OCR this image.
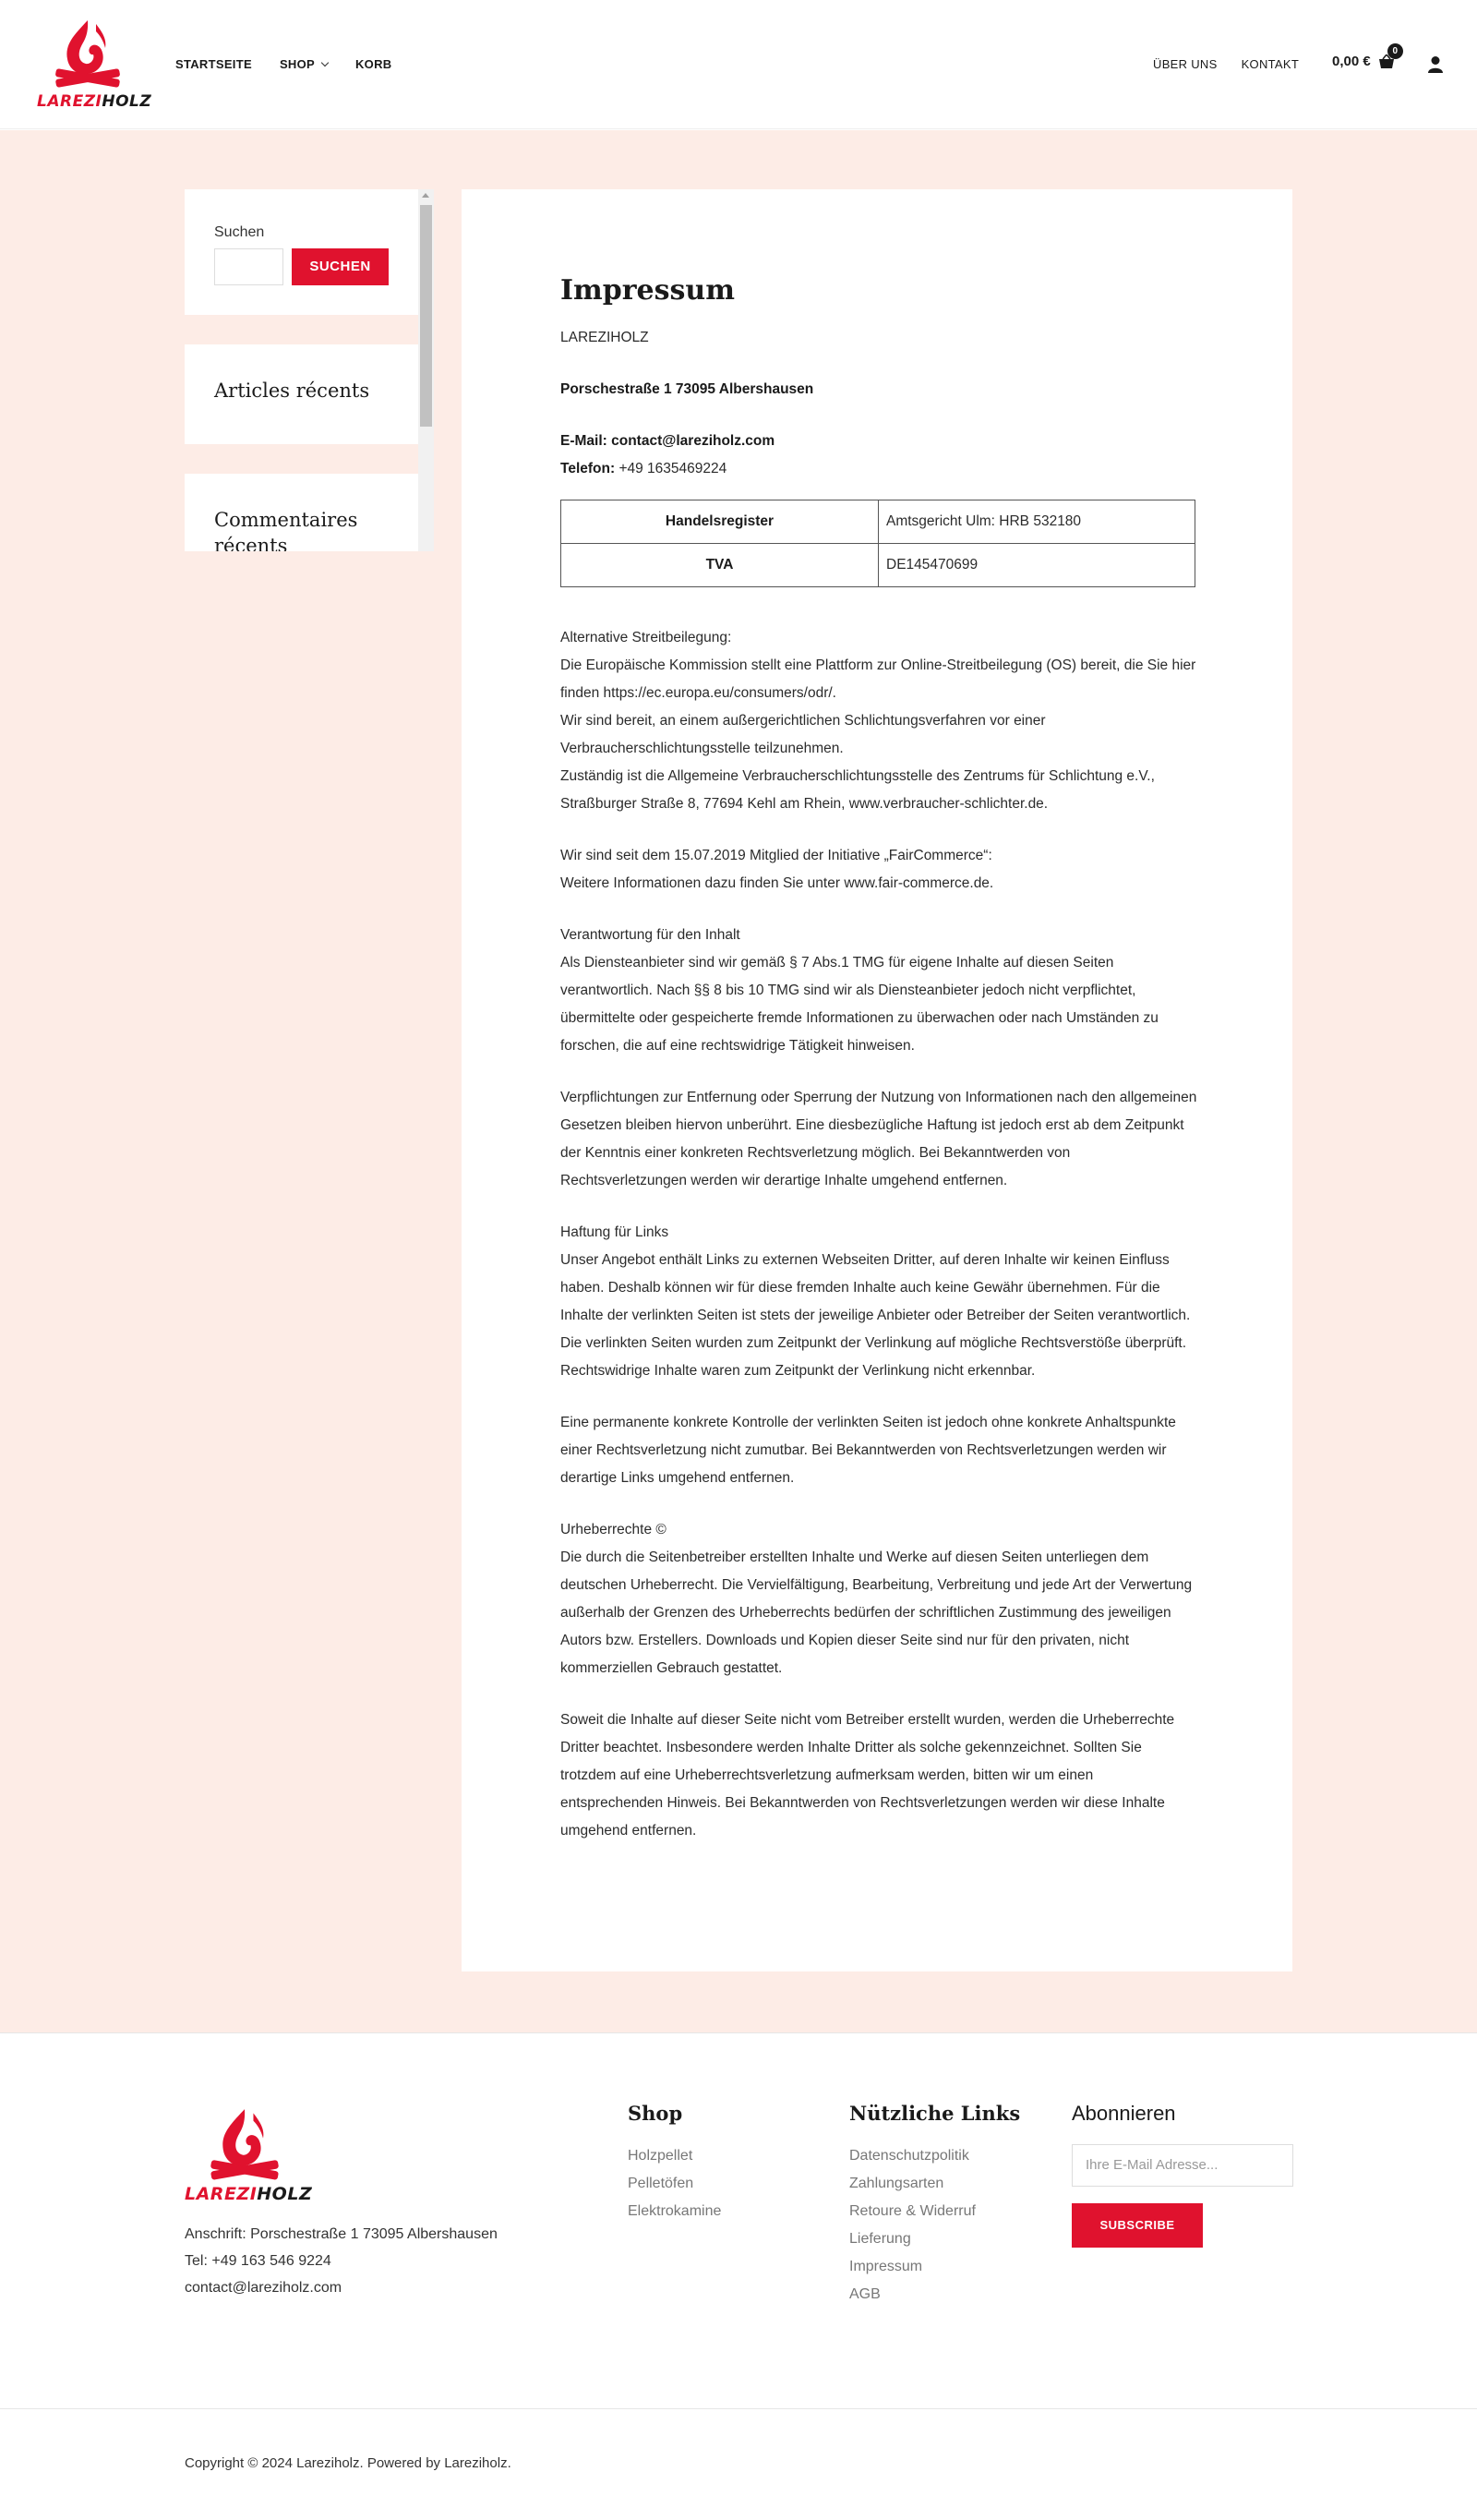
LAREZIHOLZ
STARTSEITE SHOP	KORB	ÜBER UNS KONTAKT 0,00 €
0
Suchen
SUCHEN
Articles récents
Commentaires récents
Impressum

LAREZIHOLZ

Porschestraße 1 73095 Albershausen

E-Mail: contact@lareziholz.com
Telefon: +49 1635469224

Handelsregister	Amtsgericht Ulm: HRB 532180
TVA	DE145470699

Alternative Streitbeilegung:
Die Europäische Kommission stellt eine Plattform zur Online-Streitbeilegung (OS) bereit, die Sie hier finden https://ec.europa.eu/consumers/odr/.
Wir sind bereit, an einem außergerichtlichen Schlichtungsverfahren vor einer Verbraucherschlichtungsstelle teilzunehmen.
Zuständig ist die Allgemeine Verbraucherschlichtungsstelle des Zentrums für Schlichtung e.V., Straßburger Straße 8, 77694 Kehl am Rhein, www.verbraucher-schlichter.de.

Wir sind seit dem 15.07.2019 Mitglied der Initiative „FairCommerce“:
Weitere Informationen dazu finden Sie unter www.fair-commerce.de.

Verantwortung für den Inhalt
Als Diensteanbieter sind wir gemäß § 7 Abs.1 TMG für eigene Inhalte auf diesen Seiten verantwortlich. Nach §§ 8 bis 10 TMG sind wir als Diensteanbieter jedoch nicht verpflichtet, übermittelte oder gespeicherte fremde Informationen zu überwachen oder nach Umständen zu forschen, die auf eine rechtswidrige Tätigkeit hinweisen.

Verpflichtungen zur Entfernung oder Sperrung der Nutzung von Informationen nach den allgemeinen Gesetzen bleiben hiervon unberührt. Eine diesbezügliche Haftung ist jedoch erst ab dem Zeitpunkt der Kenntnis einer konkreten Rechtsverletzung möglich. Bei Bekanntwerden von Rechtsverletzungen werden wir derartige Inhalte umgehend entfernen.

Haftung für Links
Unser Angebot enthält Links zu externen Webseiten Dritter, auf deren Inhalte wir keinen Einfluss haben. Deshalb können wir für diese fremden Inhalte auch keine Gewähr übernehmen. Für die Inhalte der verlinkten Seiten ist stets der jeweilige Anbieter oder Betreiber der Seiten verantwortlich. Die verlinkten Seiten wurden zum Zeitpunkt der Verlinkung auf mögliche Rechtsverstöße überprüft. Rechtswidrige Inhalte waren zum Zeitpunkt der Verlinkung nicht erkennbar.

Eine permanente konkrete Kontrolle der verlinkten Seiten ist jedoch ohne konkrete Anhaltspunkte einer Rechtsverletzung nicht zumutbar. Bei Bekanntwerden von Rechtsverletzungen werden wir derartige Links umgehend entfernen.

Urheberrechte ©
Die durch die Seitenbetreiber erstellten Inhalte und Werke auf diesen Seiten unterliegen dem deutschen Urheberrecht. Die Vervielfältigung, Bearbeitung, Verbreitung und jede Art der Verwertung außerhalb der Grenzen des Urheberrechts bedürfen der schriftlichen Zustimmung des jeweiligen Autors bzw. Erstellers. Downloads und Kopien dieser Seite sind nur für den privaten, nicht kommerziellen Gebrauch gestattet.

Soweit die Inhalte auf dieser Seite nicht vom Betreiber erstellt wurden, werden die Urheberrechte Dritter beachtet. Insbesondere werden Inhalte Dritter als solche gekennzeichnet. Sollten Sie trotzdem auf eine Urheberrechtsverletzung aufmerksam werden, bitten wir um einen entsprechenden Hinweis. Bei Bekanntwerden von Rechtsverletzungen werden wir diese Inhalte umgehend entfernen.

LAREZIHOLZ
Anschrift: Porschestraße 1 73095 Albershausen
Tel: +49 163 546 9224
contact@lareziholz.com
Shop
Holzpellet
Pelletöfen
Elektrokamine
Nützliche Links
Datenschutzpolitik
Zahlungsarten
Retoure & Widerruf
Lieferung
Impressum
AGB
Abonnieren
Ihre E-Mail Adresse...
SUBSCRIBE
Copyright © 2024 Lareziholz. Powered by Lareziholz.
